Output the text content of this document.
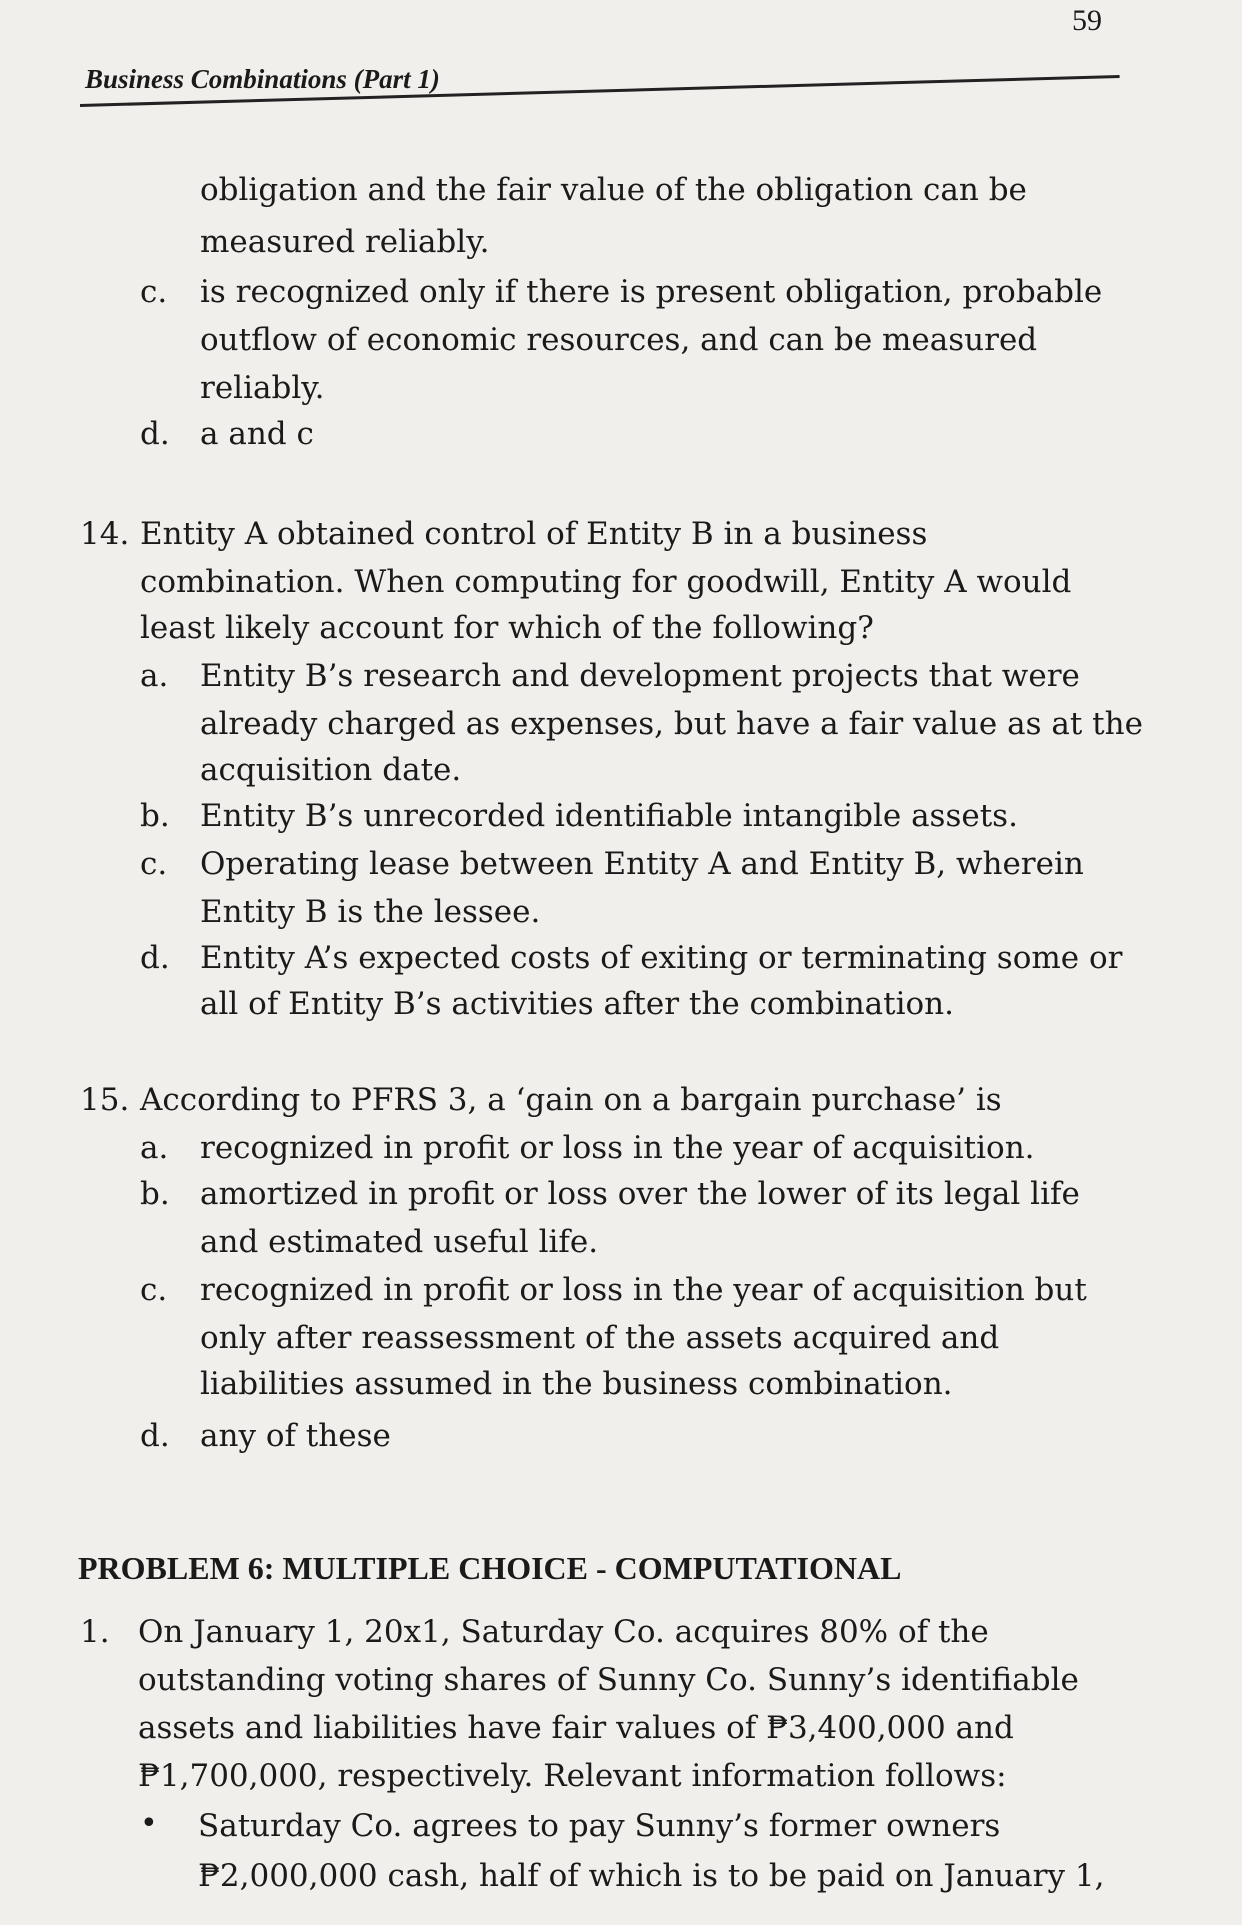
59
Business Combinations (Part 1)
obligation and the fair value of the obligation can be
measured reliably.
c. is recognized only if there is present obligation, probable
outflow of economic resources, and can be measured
reliably.
d. a and c
14. Entity A obtained control of Entity B in a business
combination. When computing for goodwill, Entity A would
least likely account for which of the following?
a. Entity B’s research and development projects that were
already charged as expenses, but have a fair value as at the
acquisition date.
b. Entity B’s unrecorded identifiable intangible assets.
c. Operating lease between Entity A and Entity B, wherein
Entity B is the lessee.
d. Entity A’s expected costs of exiting or terminating some or
all of Entity B’s activities after the combination.
15. According to PFRS 3, a ‘gain on a bargain purchase’ is
a. recognized in profit or loss in the year of acquisition.
b. amortized in profit or loss over the lower of its legal life
and estimated useful life.
c. recognized in profit or loss in the year of acquisition but
only after reassessment of the assets acquired and
liabilities assumed in the business combination.
d. any of these
PROBLEM 6: MULTIPLE CHOICE - COMPUTATIONAL
1. On January 1, 20x1, Saturday Co. acquires 80% of the
outstanding voting shares of Sunny Co. Sunny’s identifiable
assets and liabilities have fair values of ₱3,400,000 and
₱1,700,000, respectively. Relevant information follows:
• Saturday Co. agrees to pay Sunny’s former owners
₱2,000,000 cash, half of which is to be paid on January 1,
